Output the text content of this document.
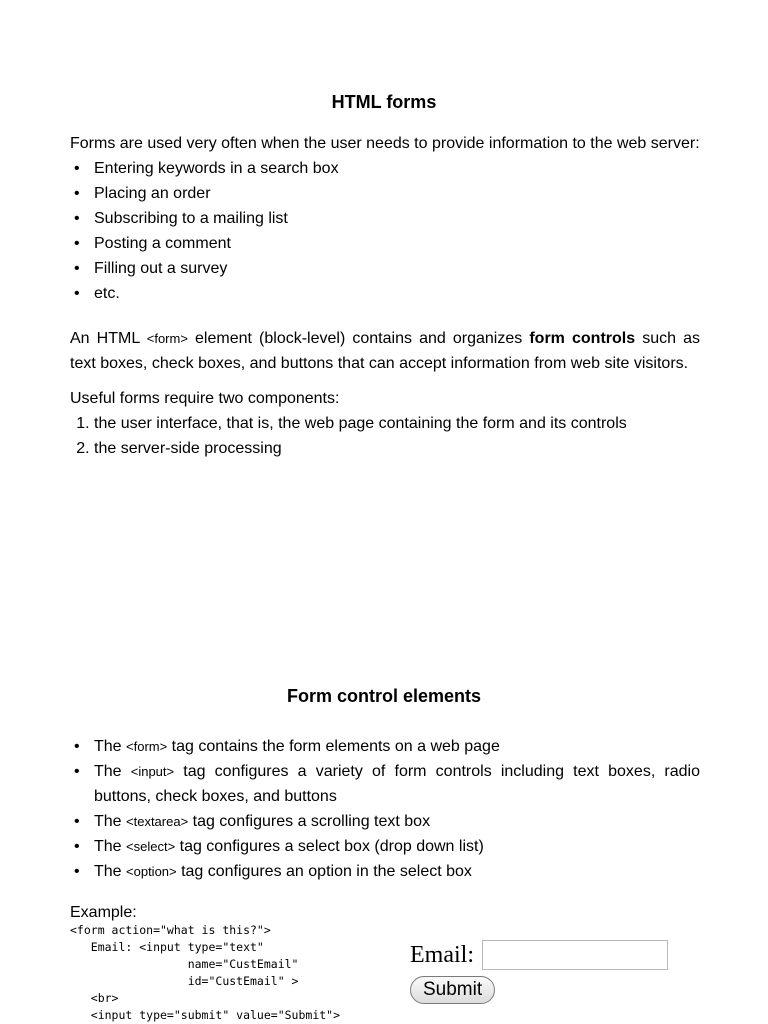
HTML forms

Forms are used very often when the user needs to provide information to the web server:

• Entering keywords in a search box
• Placing an order
• Subscribing to a mailing list
• Posting a comment
• Filling out a survey
• etc.

An HTML <form> element (block-level) contains and organizes form controls such as text boxes, check boxes, and buttons that can accept information from web site visitors.

Useful forms require two components:

1. the user interface, that is, the web page containing the form and its controls
2. the server-side processing
Form control elements
• The <form> tag contains the form elements on a web page
• The <input> tag configures a variety of form controls including text boxes, radio buttons, check boxes, and buttons
• The <textarea> tag configures a scrolling text box
• The <select> tag configures a select box (drop down list)
• The <option> tag configures an option in the select box

Example:

<form action="what is this?">
Email: <input type="text"
name="CustEmail"
id="CustEmail" >
<br>
<input type="submit" value="Submit">
Email:
Submit
